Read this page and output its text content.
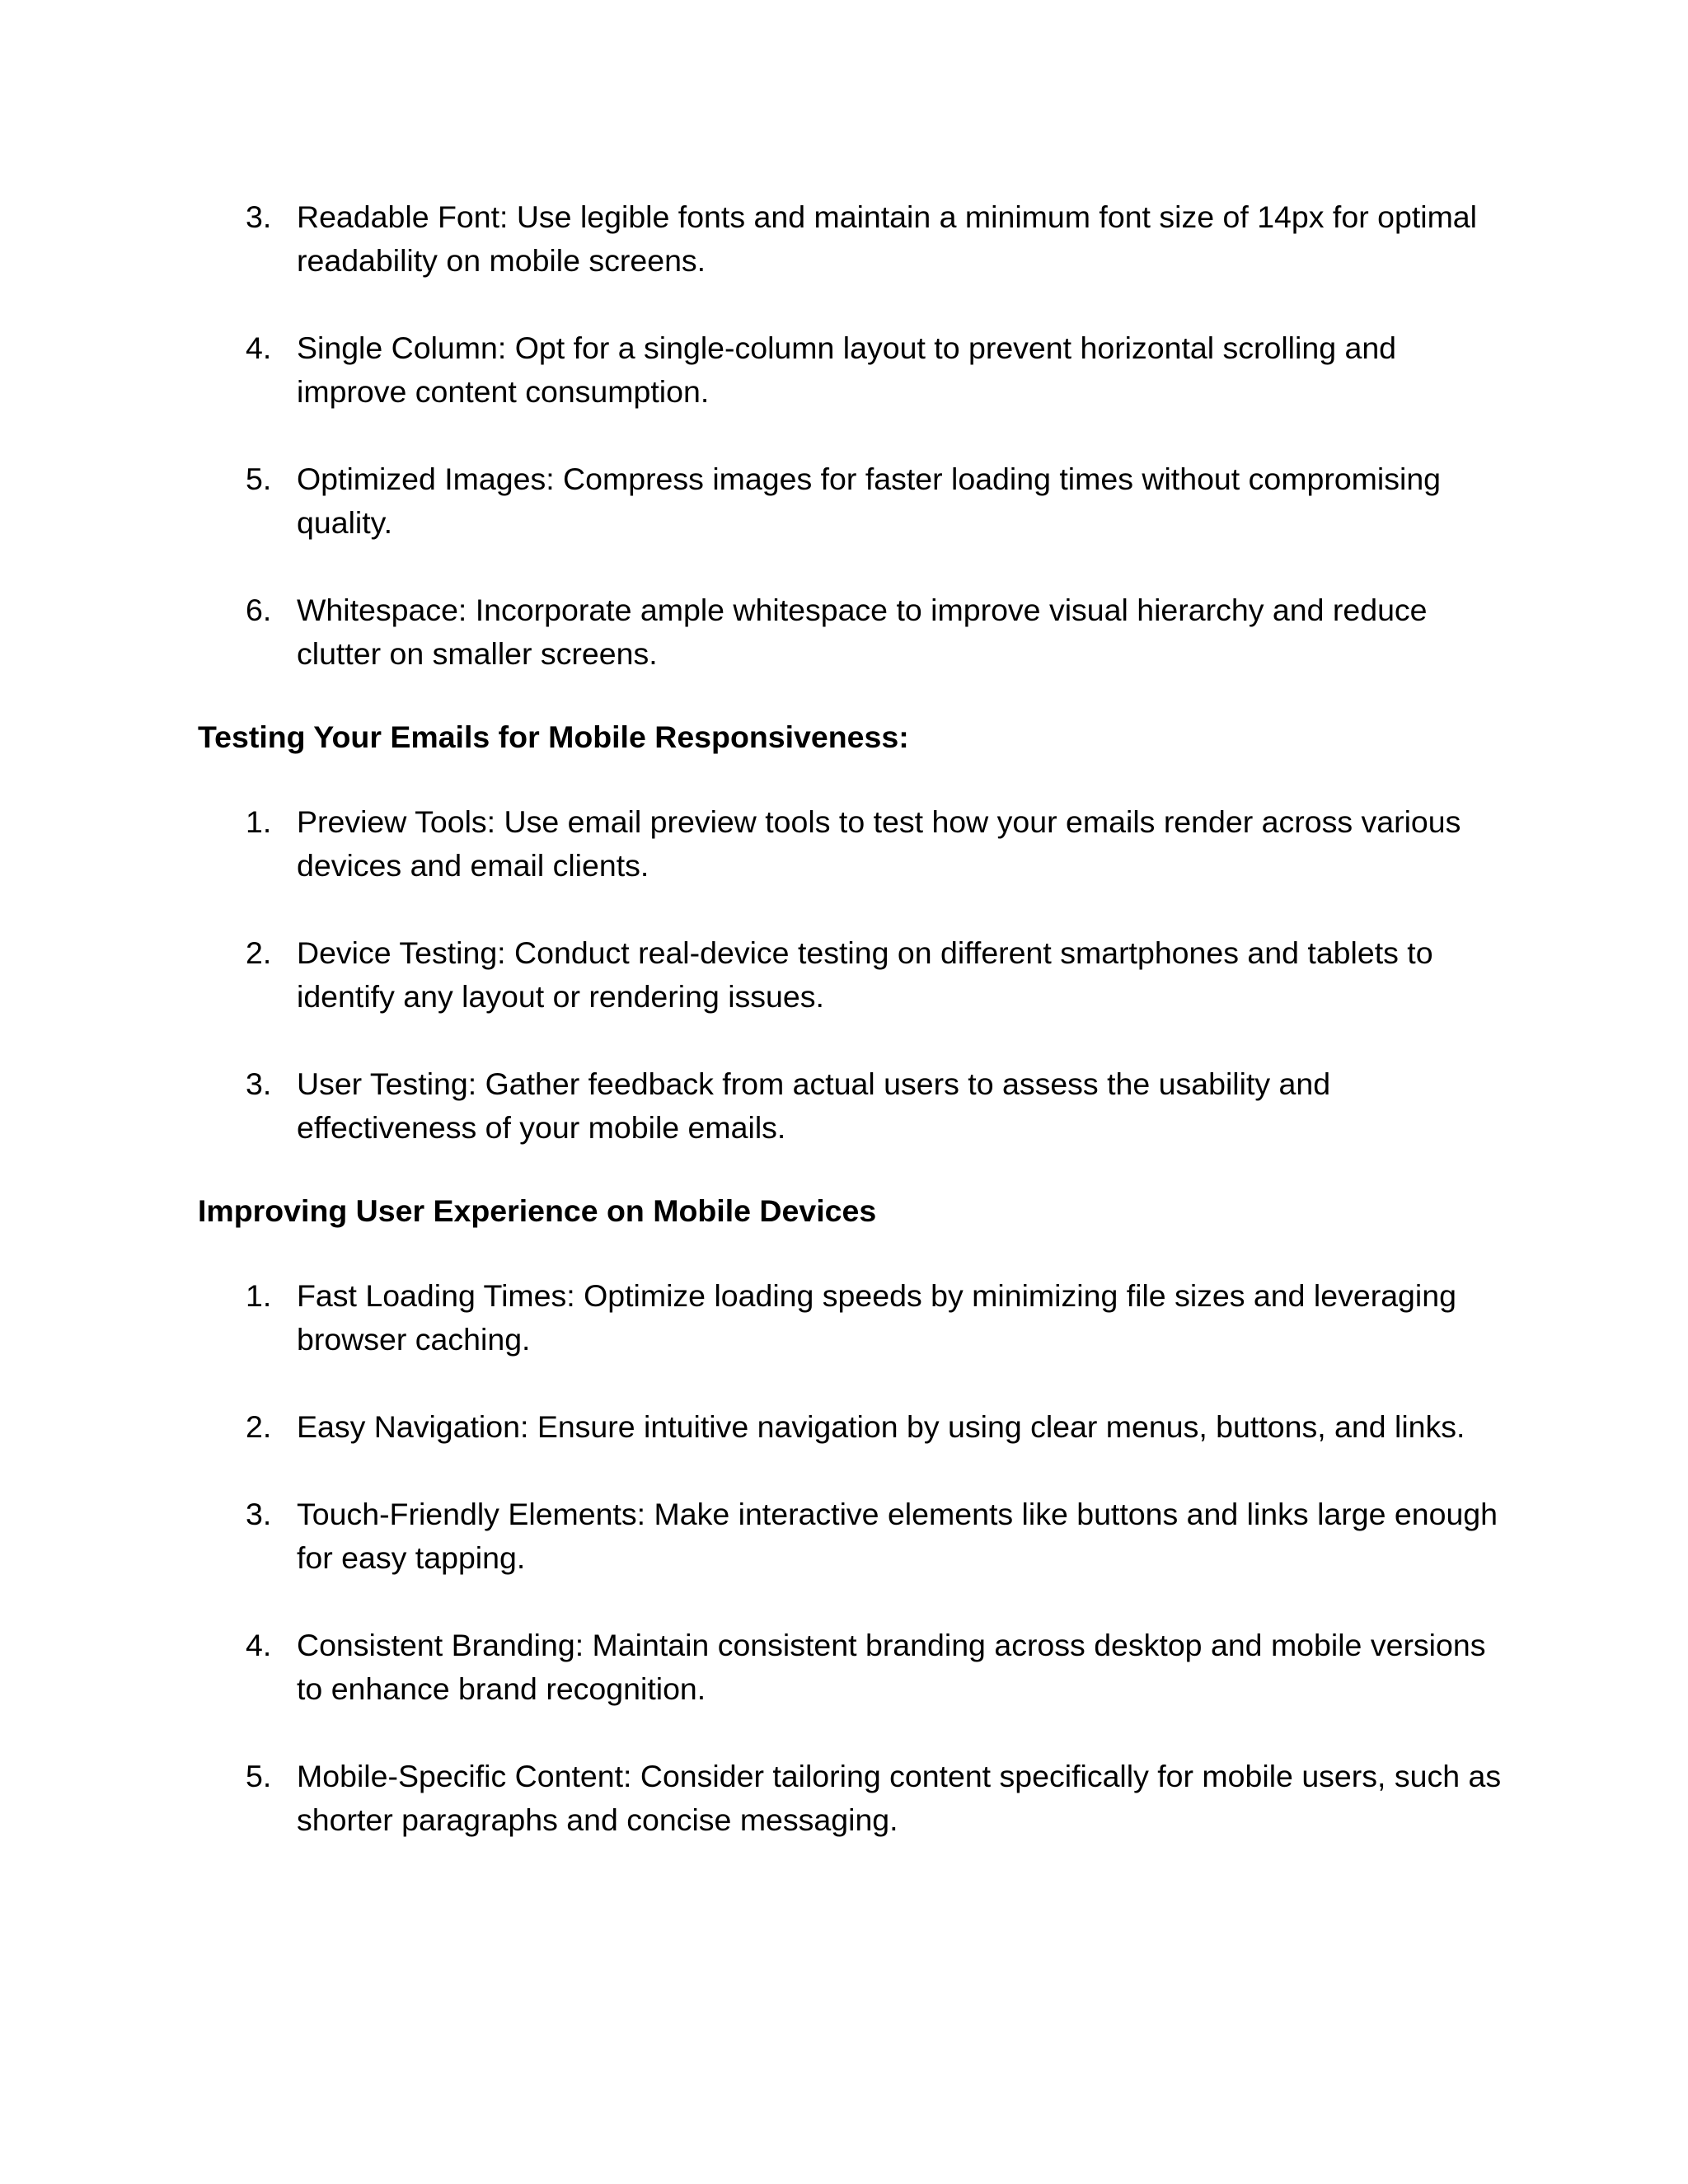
3. Readable Font: Use legible fonts and maintain a minimum font size of 14px for optimal readability on mobile screens.
4. Single Column: Opt for a single-column layout to prevent horizontal scrolling and improve content consumption.
5. Optimized Images: Compress images for faster loading times without compromising quality.
6. Whitespace: Incorporate ample whitespace to improve visual hierarchy and reduce clutter on smaller screens.
Testing Your Emails for Mobile Responsiveness:
1. Preview Tools: Use email preview tools to test how your emails render across various devices and email clients.
2. Device Testing: Conduct real-device testing on different smartphones and tablets to identify any layout or rendering issues.
3. User Testing: Gather feedback from actual users to assess the usability and effectiveness of your mobile emails.
Improving User Experience on Mobile Devices
1. Fast Loading Times: Optimize loading speeds by minimizing file sizes and leveraging browser caching.
2. Easy Navigation: Ensure intuitive navigation by using clear menus, buttons, and links.
3. Touch-Friendly Elements: Make interactive elements like buttons and links large enough for easy tapping.
4. Consistent Branding: Maintain consistent branding across desktop and mobile versions to enhance brand recognition.
5. Mobile-Specific Content: Consider tailoring content specifically for mobile users, such as shorter paragraphs and concise messaging.
